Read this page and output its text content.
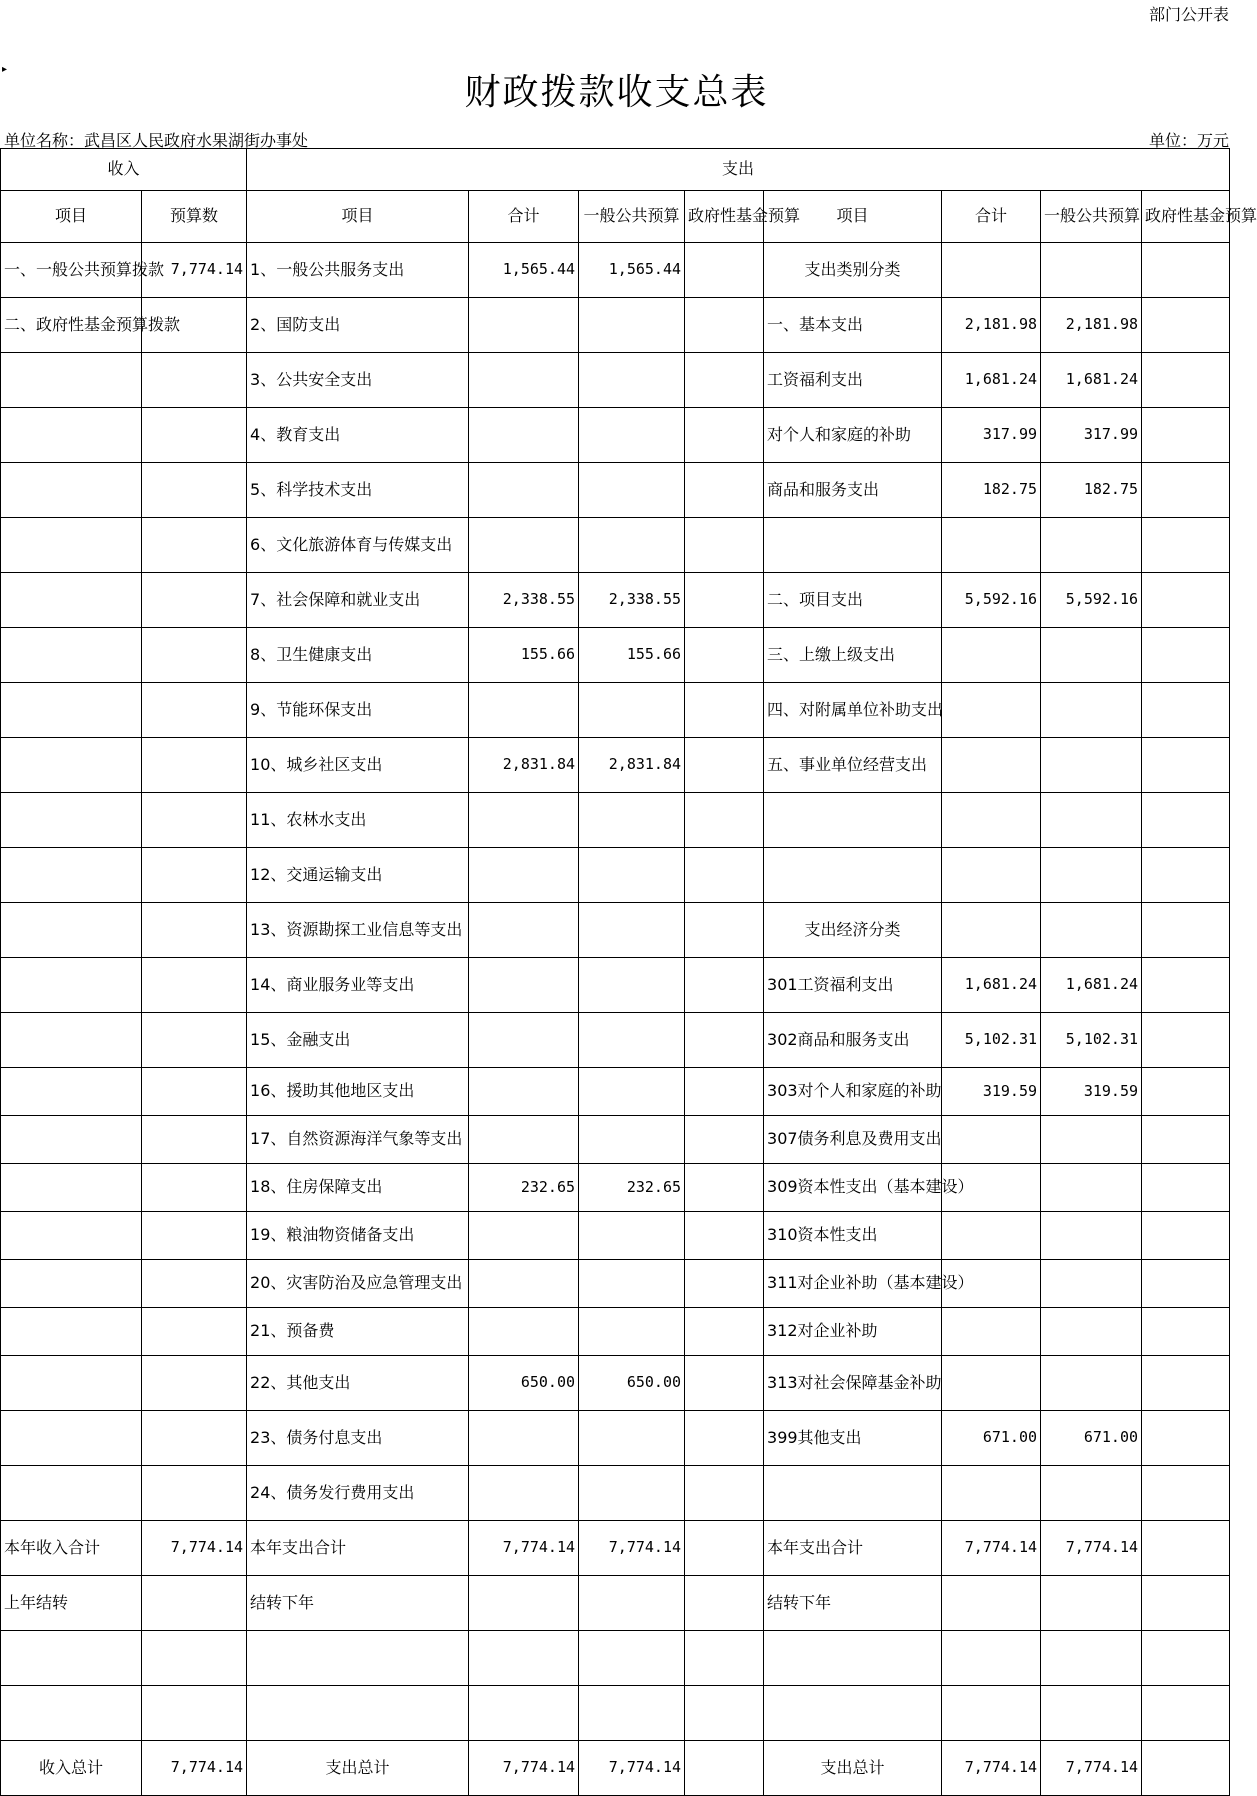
部门公开表
▸
财政拨款收支总表
单位名称：武昌区人民政府水果湖街办事处	单位：万元
收入		支出							
项目	预算数	项目	合计	一般公共预算	政府性基金预算	项目	合计	一般公共预算	政府性基金预算
一、一般公共预算拨款	7,774.14	1、一般公共服务支出	1,565.44	1,565.44		支出类别分类			
二、政府性基金预算拨款		2、国防支出				一、基本支出	2,181.98	2,181.98	
		3、公共安全支出				工资福利支出	1,681.24	1,681.24	
		4、教育支出				对个人和家庭的补助	317.99	317.99	
		5、科学技术支出				商品和服务支出	182.75	182.75	
		6、文化旅游体育与传媒支出							
		7、社会保障和就业支出	2,338.55	2,338.55		二、项目支出	5,592.16	5,592.16	
		8、卫生健康支出	155.66	155.66		三、上缴上级支出			
		9、节能环保支出				四、对附属单位补助支出			
		10、城乡社区支出	2,831.84	2,831.84		五、事业单位经营支出			
		11、农林水支出							
		12、交通运输支出							
		13、资源勘探工业信息等支出				支出经济分类			
		14、商业服务业等支出				301工资福利支出	1,681.24	1,681.24	
		15、金融支出				302商品和服务支出	5,102.31	5,102.31	
		16、援助其他地区支出				303对个人和家庭的补助	319.59	319.59	
		17、自然资源海洋气象等支出				307债务利息及费用支出			
		18、住房保障支出	232.65	232.65		309资本性支出（基本建设）			
		19、粮油物资储备支出				310资本性支出			
		20、灾害防治及应急管理支出				311对企业补助（基本建设）			
		21、预备费				312对企业补助			
		22、其他支出	650.00	650.00		313对社会保障基金补助			
		23、债务付息支出				399其他支出	671.00	671.00	
		24、债务发行费用支出							
本年收入合计	7,774.14	本年支出合计	7,774.14	7,774.14		本年支出合计	7,774.14	7,774.14	
上年结转		结转下年				结转下年			

收入总计	7,774.14	支出总计	7,774.14	7,774.14		支出总计	7,774.14	7,774.14	
